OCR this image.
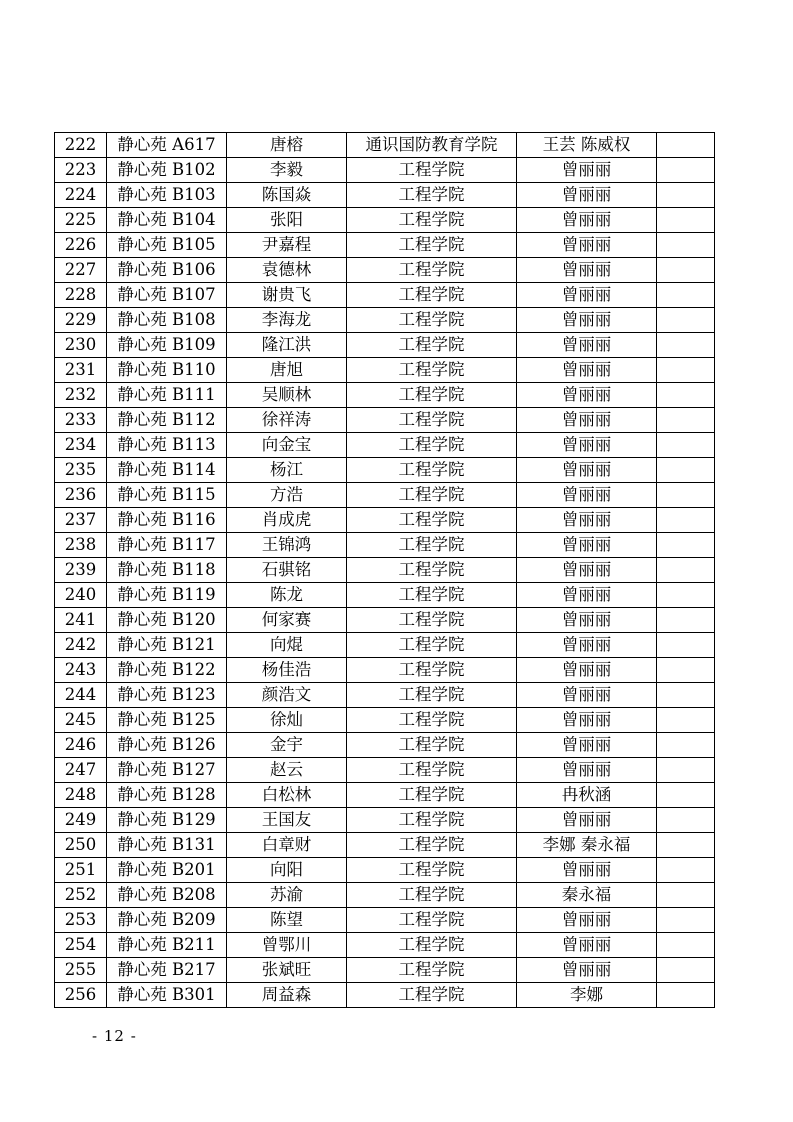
222	静心苑 A617	唐榕	通识国防教育学院	王芸 陈威权	
223	静心苑 B102	李毅	工程学院	曾丽丽	
224	静心苑 B103	陈国焱	工程学院	曾丽丽	
225	静心苑 B104	张阳	工程学院	曾丽丽	
226	静心苑 B105	尹嘉程	工程学院	曾丽丽	
227	静心苑 B106	袁德林	工程学院	曾丽丽	
228	静心苑 B107	谢贵飞	工程学院	曾丽丽	
229	静心苑 B108	李海龙	工程学院	曾丽丽	
230	静心苑 B109	隆江洪	工程学院	曾丽丽	
231	静心苑 B110	唐旭	工程学院	曾丽丽	
232	静心苑 B111	吴顺林	工程学院	曾丽丽	
233	静心苑 B112	徐祥涛	工程学院	曾丽丽	
234	静心苑 B113	向金宝	工程学院	曾丽丽	
235	静心苑 B114	杨江	工程学院	曾丽丽	
236	静心苑 B115	方浩	工程学院	曾丽丽	
237	静心苑 B116	肖成虎	工程学院	曾丽丽	
238	静心苑 B117	王锦鸿	工程学院	曾丽丽	
239	静心苑 B118	石骐铭	工程学院	曾丽丽	
240	静心苑 B119	陈龙	工程学院	曾丽丽	
241	静心苑 B120	何家赛	工程学院	曾丽丽	
242	静心苑 B121	向焜	工程学院	曾丽丽	
243	静心苑 B122	杨佳浩	工程学院	曾丽丽	
244	静心苑 B123	颜浩文	工程学院	曾丽丽	
245	静心苑 B125	徐灿	工程学院	曾丽丽	
246	静心苑 B126	金宇	工程学院	曾丽丽	
247	静心苑 B127	赵云	工程学院	曾丽丽	
248	静心苑 B128	白松林	工程学院	冉秋涵	
249	静心苑 B129	王国友	工程学院	曾丽丽	
250	静心苑 B131	白章财	工程学院	李娜 秦永福	
251	静心苑 B201	向阳	工程学院	曾丽丽	
252	静心苑 B208	苏渝	工程学院	秦永福	
253	静心苑 B209	陈望	工程学院	曾丽丽	
254	静心苑 B211	曾鄂川	工程学院	曾丽丽	
255	静心苑 B217	张斌旺	工程学院	曾丽丽	
256	静心苑 B301	周益森	工程学院	李娜	
- 12 -
